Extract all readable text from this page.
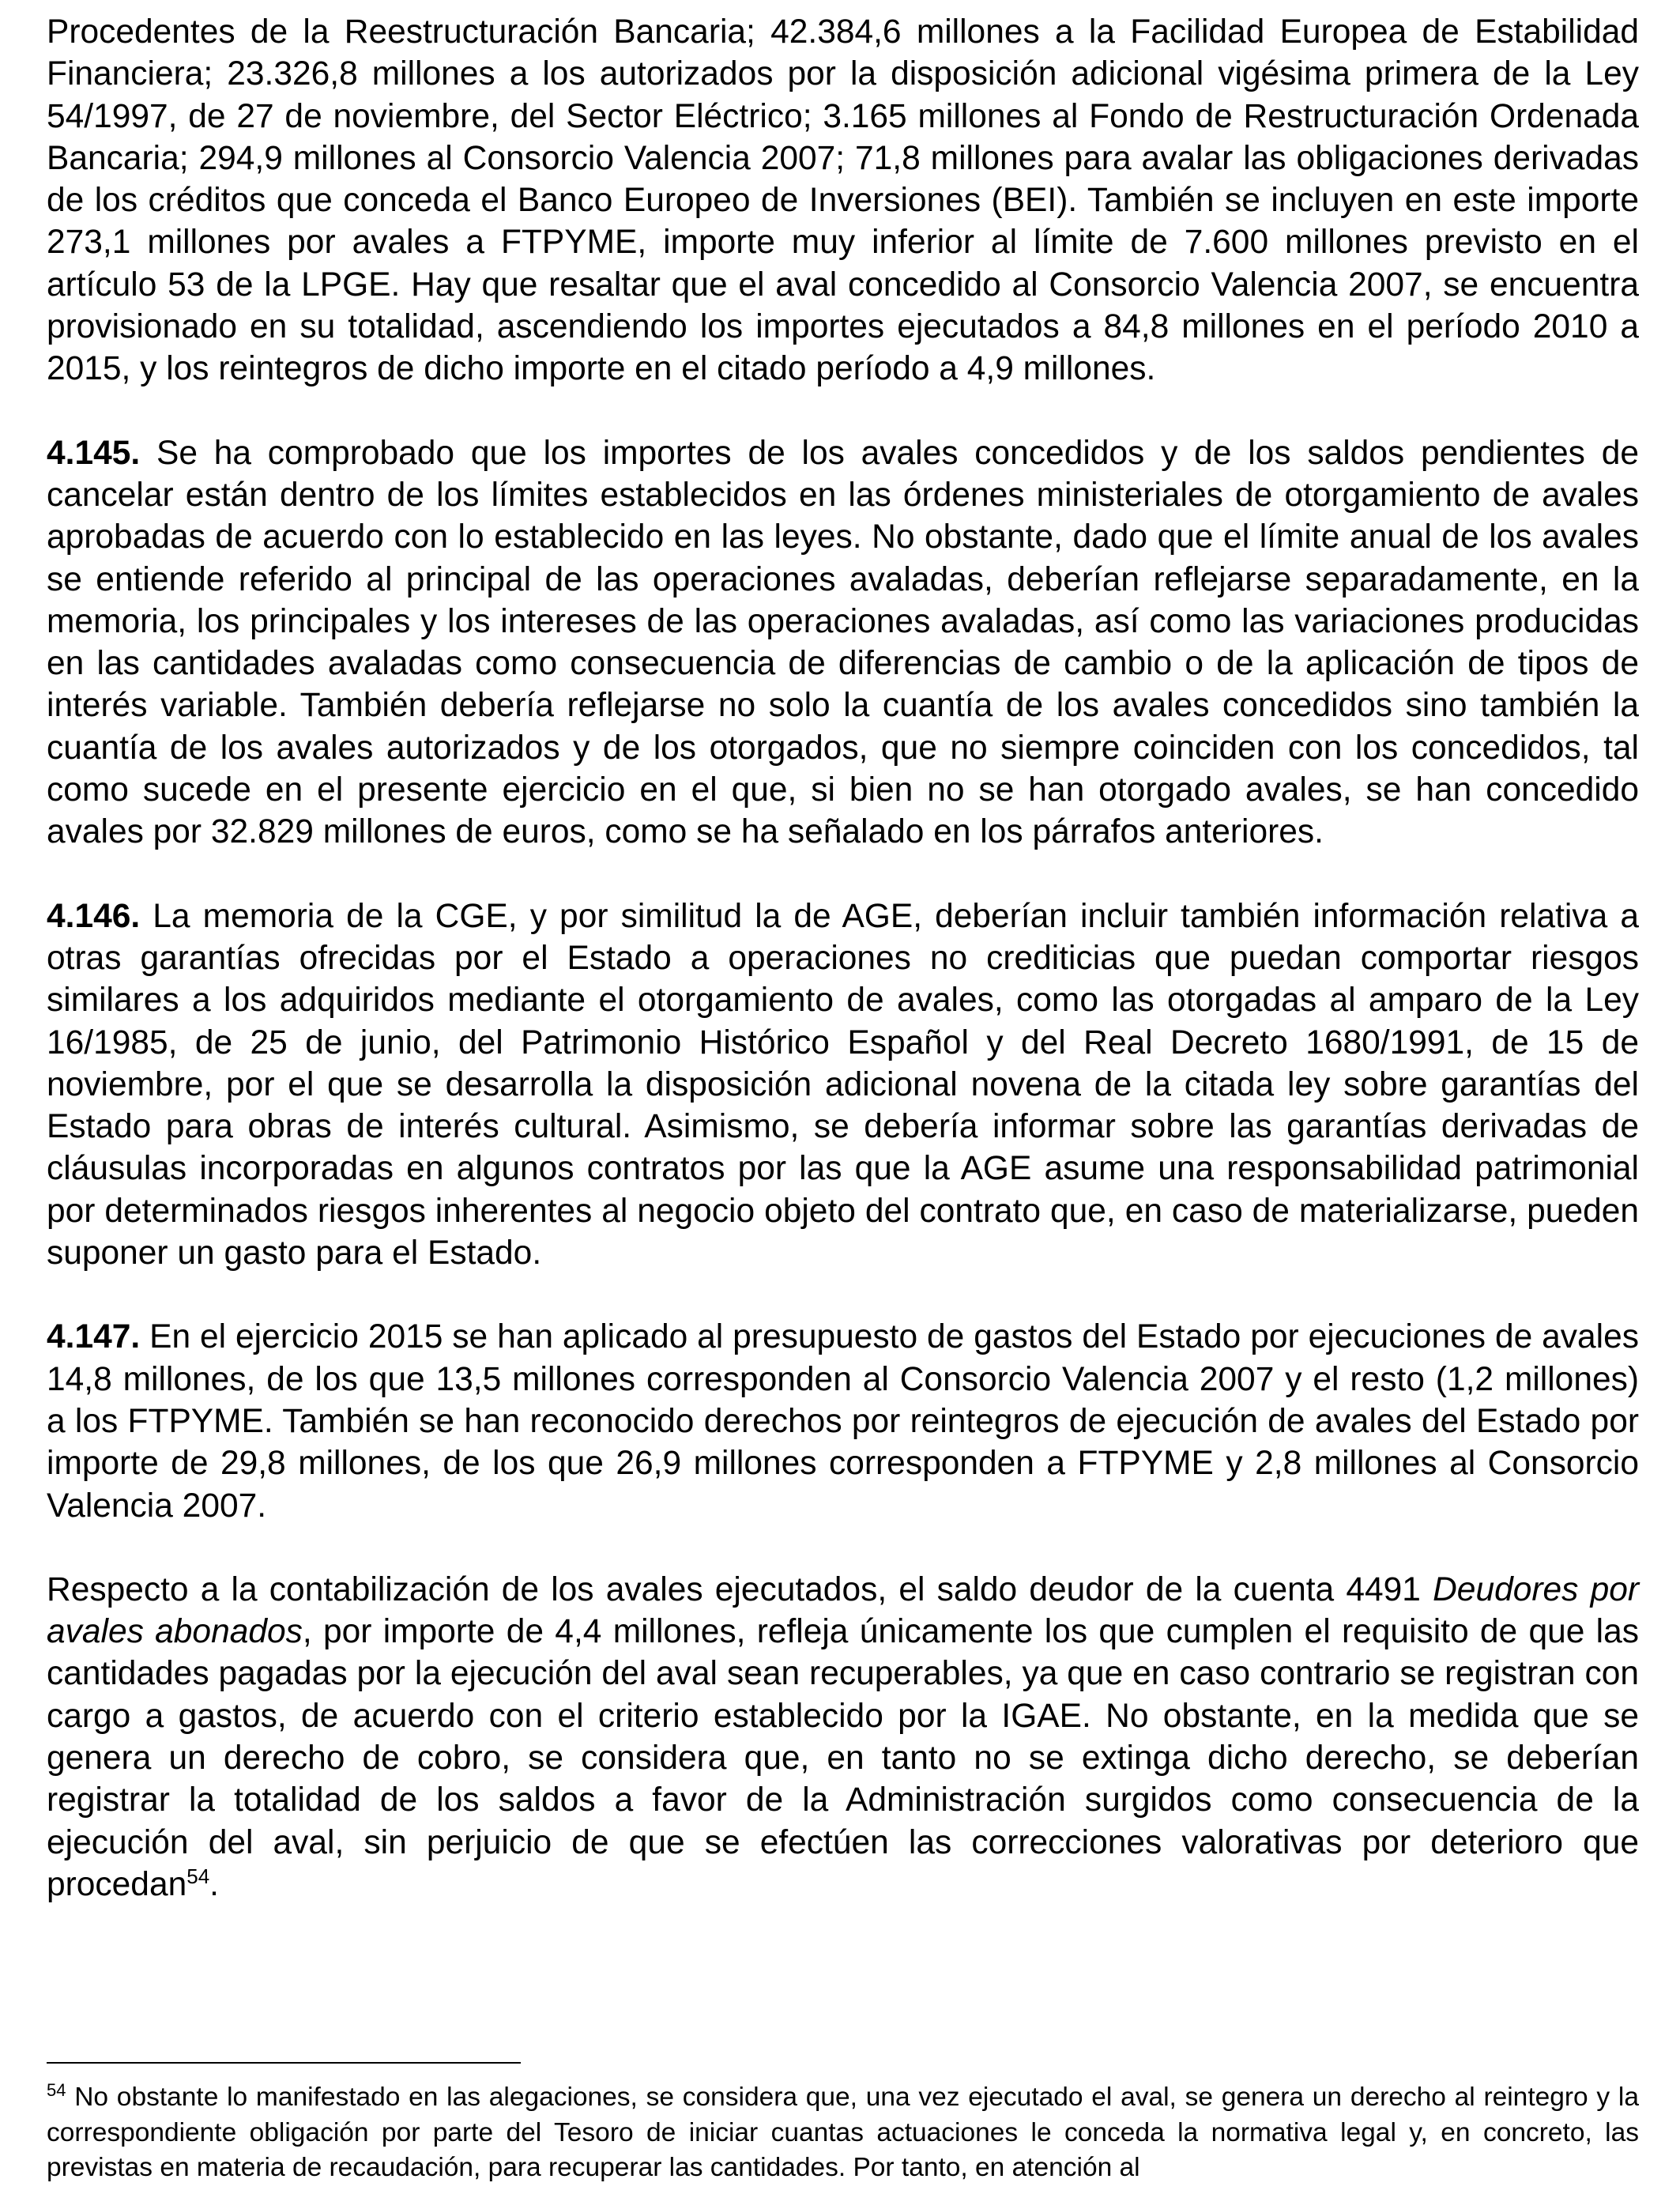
Procedentes de la Reestructuración Bancaria; 42.384,6 millones a la Facilidad Europea de Estabilidad Financiera; 23.326,8 millones a los autorizados por la disposición adicional vigésima primera de la Ley 54/1997, de 27 de noviembre, del Sector Eléctrico; 3.165 millones al Fondo de Restructuración Ordenada Bancaria; 294,9 millones al Consorcio Valencia 2007; 71,8 millones para avalar las obligaciones derivadas de los créditos que conceda el Banco Europeo de Inversiones (BEI). También se incluyen en este importe 273,1 millones por avales a FTPYME, importe muy inferior al límite de 7.600 millones previsto en el artículo 53 de la LPGE. Hay que resaltar que el aval concedido al Consorcio Valencia 2007, se encuentra provisionado en su totalidad, ascendiendo los importes ejecutados a 84,8 millones en el período 2010 a 2015, y los reintegros de dicho importe en el citado período a 4,9 millones.

4.145. Se ha comprobado que los importes de los avales concedidos y de los saldos pendientes de cancelar están dentro de los límites establecidos en las órdenes ministeriales de otorgamiento de avales aprobadas de acuerdo con lo establecido en las leyes. No obstante, dado que el límite anual de los avales se entiende referido al principal de las operaciones avaladas, deberían reflejarse separadamente, en la memoria, los principales y los intereses de las operaciones avaladas, así como las variaciones producidas en las cantidades avaladas como consecuencia de diferencias de cambio o de la aplicación de tipos de interés variable. También debería reflejarse no solo la cuantía de los avales concedidos sino también la cuantía de los avales autorizados y de los otorgados, que no siempre coinciden con los concedidos, tal como sucede en el presente ejercicio en el que, si bien no se han otorgado avales, se han concedido avales por 32.829 millones de euros, como se ha señalado en los párrafos anteriores.

4.146. La memoria de la CGE, y por similitud la de AGE, deberían incluir también información relativa a otras garantías ofrecidas por el Estado a operaciones no crediticias que puedan comportar riesgos similares a los adquiridos mediante el otorgamiento de avales, como las otorgadas al amparo de la Ley 16/1985, de 25 de junio, del Patrimonio Histórico Español y del Real Decreto 1680/1991, de 15 de noviembre, por el que se desarrolla la disposición adicional novena de la citada ley sobre garantías del Estado para obras de interés cultural. Asimismo, se debería informar sobre las garantías derivadas de cláusulas incorporadas en algunos contratos por las que la AGE asume una responsabilidad patrimonial por determinados riesgos inherentes al negocio objeto del contrato que, en caso de materializarse, pueden suponer un gasto para el Estado.

4.147. En el ejercicio 2015 se han aplicado al presupuesto de gastos del Estado por ejecuciones de avales 14,8 millones, de los que 13,5 millones corresponden al Consorcio Valencia 2007 y el resto (1,2 millones) a los FTPYME. También se han reconocido derechos por reintegros de ejecución de avales del Estado por importe de 29,8 millones, de los que 26,9 millones corresponden a FTPYME y 2,8 millones al Consorcio Valencia 2007.

Respecto a la contabilización de los avales ejecutados, el saldo deudor de la cuenta 4491 Deudores por avales abonados, por importe de 4,4 millones, refleja únicamente los que cumplen el requisito de que las cantidades pagadas por la ejecución del aval sean recuperables, ya que en caso contrario se registran con cargo a gastos, de acuerdo con el criterio establecido por la IGAE. No obstante, en la medida que se genera un derecho de cobro, se considera que, en tanto no se extinga dicho derecho, se deberían registrar la totalidad de los saldos a favor de la Administración surgidos como consecuencia de la ejecución del aval, sin perjuicio de que se efectúen las correcciones valorativas por deterioro que procedan$^{54}$.

$^{54}$ No obstante lo manifestado en las alegaciones, se considera que, una vez ejecutado el aval, se genera un derecho al reintegro y la correspondiente obligación por parte del Tesoro de iniciar cuantas actuaciones le conceda la normativa legal y, en concreto, las previstas en materia de recaudación, para recuperar las cantidades. Por tanto, en atención al
